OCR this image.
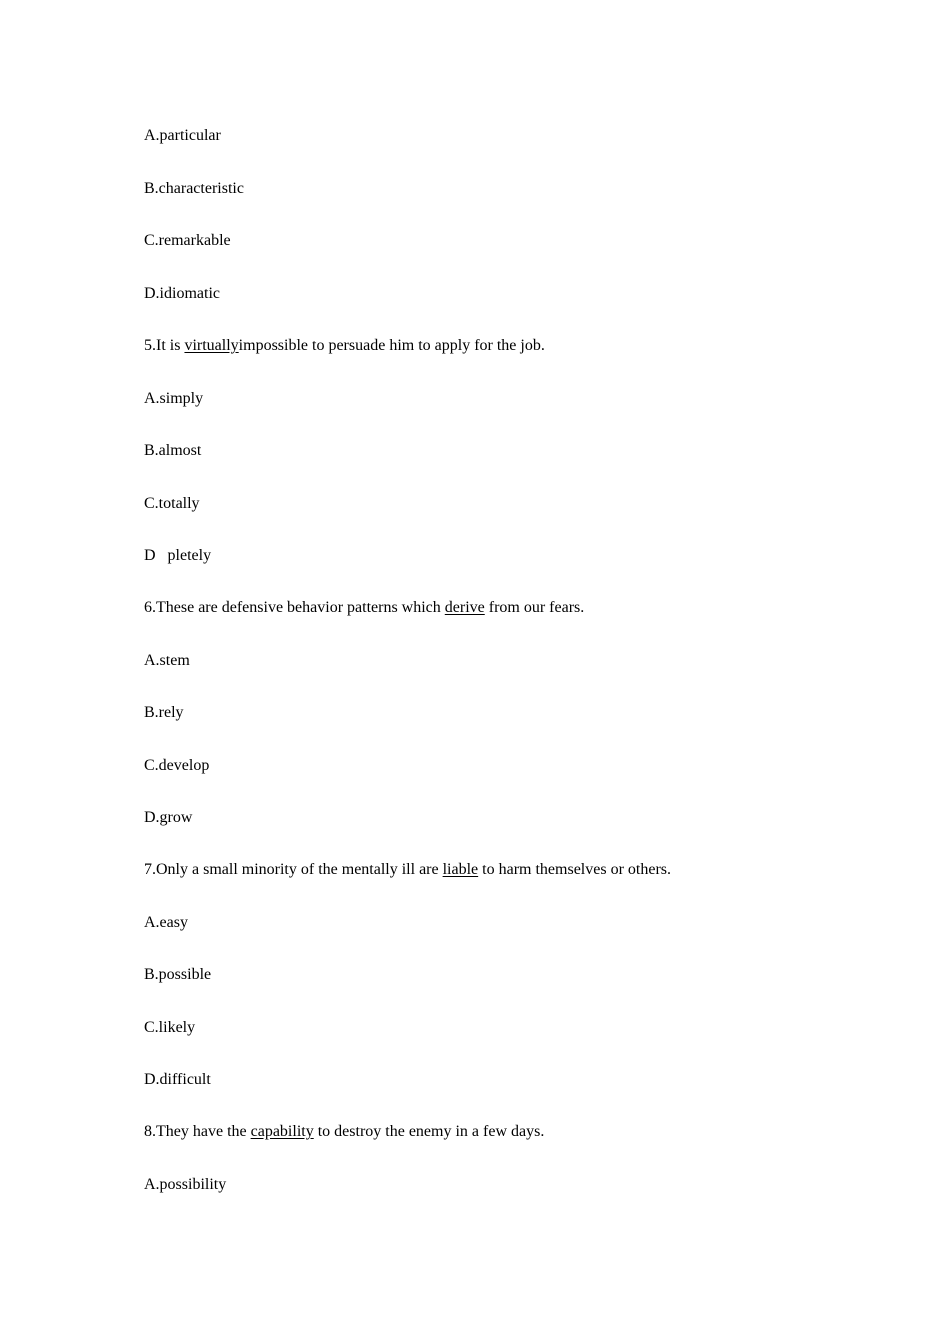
A.particular
B.characteristic
C.remarkable
D.idiomatic
5.It is virtuallyimpossible to persuade him to apply for the job.
A.simply
B.almost
C.totally
D   pletely
6.These are defensive behavior patterns which derive from our fears.
A.stem
B.rely
C.develop
D.grow
7.Only a small minority of the mentally ill are liable to harm themselves or others.
A.easy
B.possible
C.likely
D.difficult
8.They have the capability to destroy the enemy in a few days.
A.possibility
